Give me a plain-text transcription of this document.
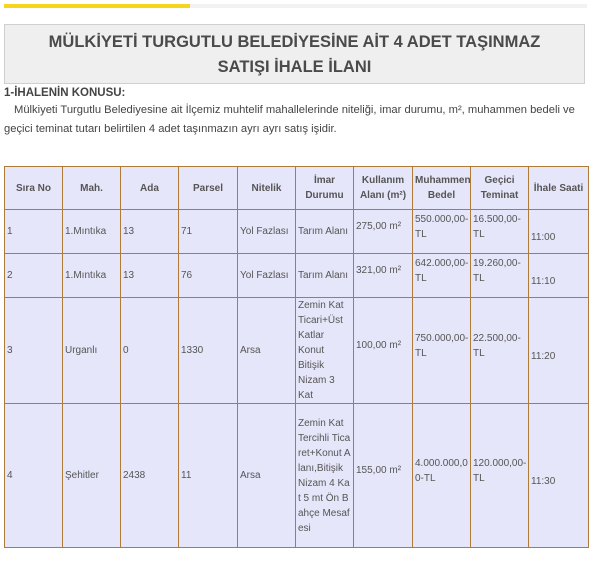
MÜLKİYETİ TURGUTLU BELEDİYESİNE AİT 4 ADET TAŞINMAZ
SATIŞI İHALE İLANI
1-İHALENİN KONUSU:
Mülkiyeti Turgutlu Belediyesine ait İlçemiz muhtelif mahallelerinde niteliği, imar durumu, m², muhammen bedeli ve geçici teminat tutarı belirtilen 4 adet taşınmazın ayrı ayrı satış işidir.
Sıra No	Mah.	Ada	Parsel	Nitelik	İmar Durumu	Kullanım Alanı (m²)	Muhammen Bedel	Geçici Teminat	İhale Saati
1	1.Mıntıka	13	71	Yol Fazlası	Tarım Alanı	275,00 m²	550.000,00-TL	16.500,00-TL	11:00

2	1.Mıntıka	13	76	Yol Fazlası	Tarım Alanı	321,00 m²	642.000,00-TL	19.260,00-TL	11:10

3	Urganlı	0	1330	Arsa	Zemin Kat Ticari+Üst Katlar Konut Bitişik Nizam 3 Kat	100,00 m²	750.000,00-TL	22.500,00-TL	11:20

4	Şehitler	2438	11	Arsa	Zemin Kat Tercihli Ticaret+Konut Alanı,Bitişik Nizam 4 Kat 5 mt Ön Bahçe Mesafesi	155,00 m²	4.000.000,00-TL	120.000,00-TL	11:30
